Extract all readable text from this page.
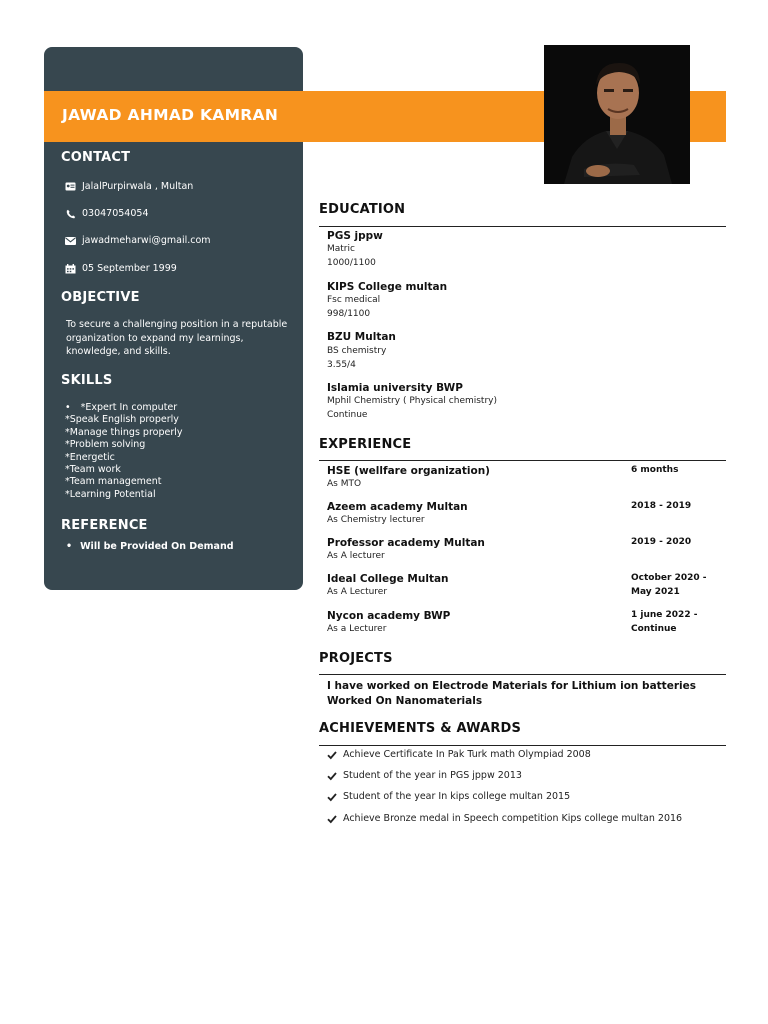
JAWAD AHMAD KAMRAN
CONTACT
JalalPurpirwala , Multan
03047054054
jawadmeharwi@gmail.com
05 September 1999
OBJECTIVE
To secure a challenging position in a reputable organization to expand my learnings, knowledge, and skills.
SKILLS
• *Expert In computer
*Speak English properly
*Manage things properly
*Problem solving
*Energetic
*Team work
*Team management
*Learning Potential
REFERENCE
• Will be Provided On Demand
EDUCATION
PGS jppw
Matric
1000/1100
KIPS College multan
Fsc medical
998/1100
BZU Multan
BS chemistry
3.55/4
Islamia university BWP
Mphil Chemistry ( Physical chemistry)
Continue
EXPERIENCE
HSE (wellfare organization)
As MTO
6 months
Azeem academy Multan
As Chemistry lecturer
2018 - 2019
Professor academy Multan
As A lecturer
2019 - 2020
Ideal College Multan
As A Lecturer
October 2020 -
May 2021
Nycon academy BWP
As a Lecturer
1 june 2022 -
Continue
PROJECTS
I have worked on Electrode Materials for Lithium ion batteries
Worked On Nanomaterials
ACHIEVEMENTS & AWARDS
Achieve Certificate In Pak Turk math Olympiad 2008
Student of the year in PGS jppw 2013
Student of the year In kips college multan 2015
Achieve Bronze medal in Speech competition Kips college multan 2016
